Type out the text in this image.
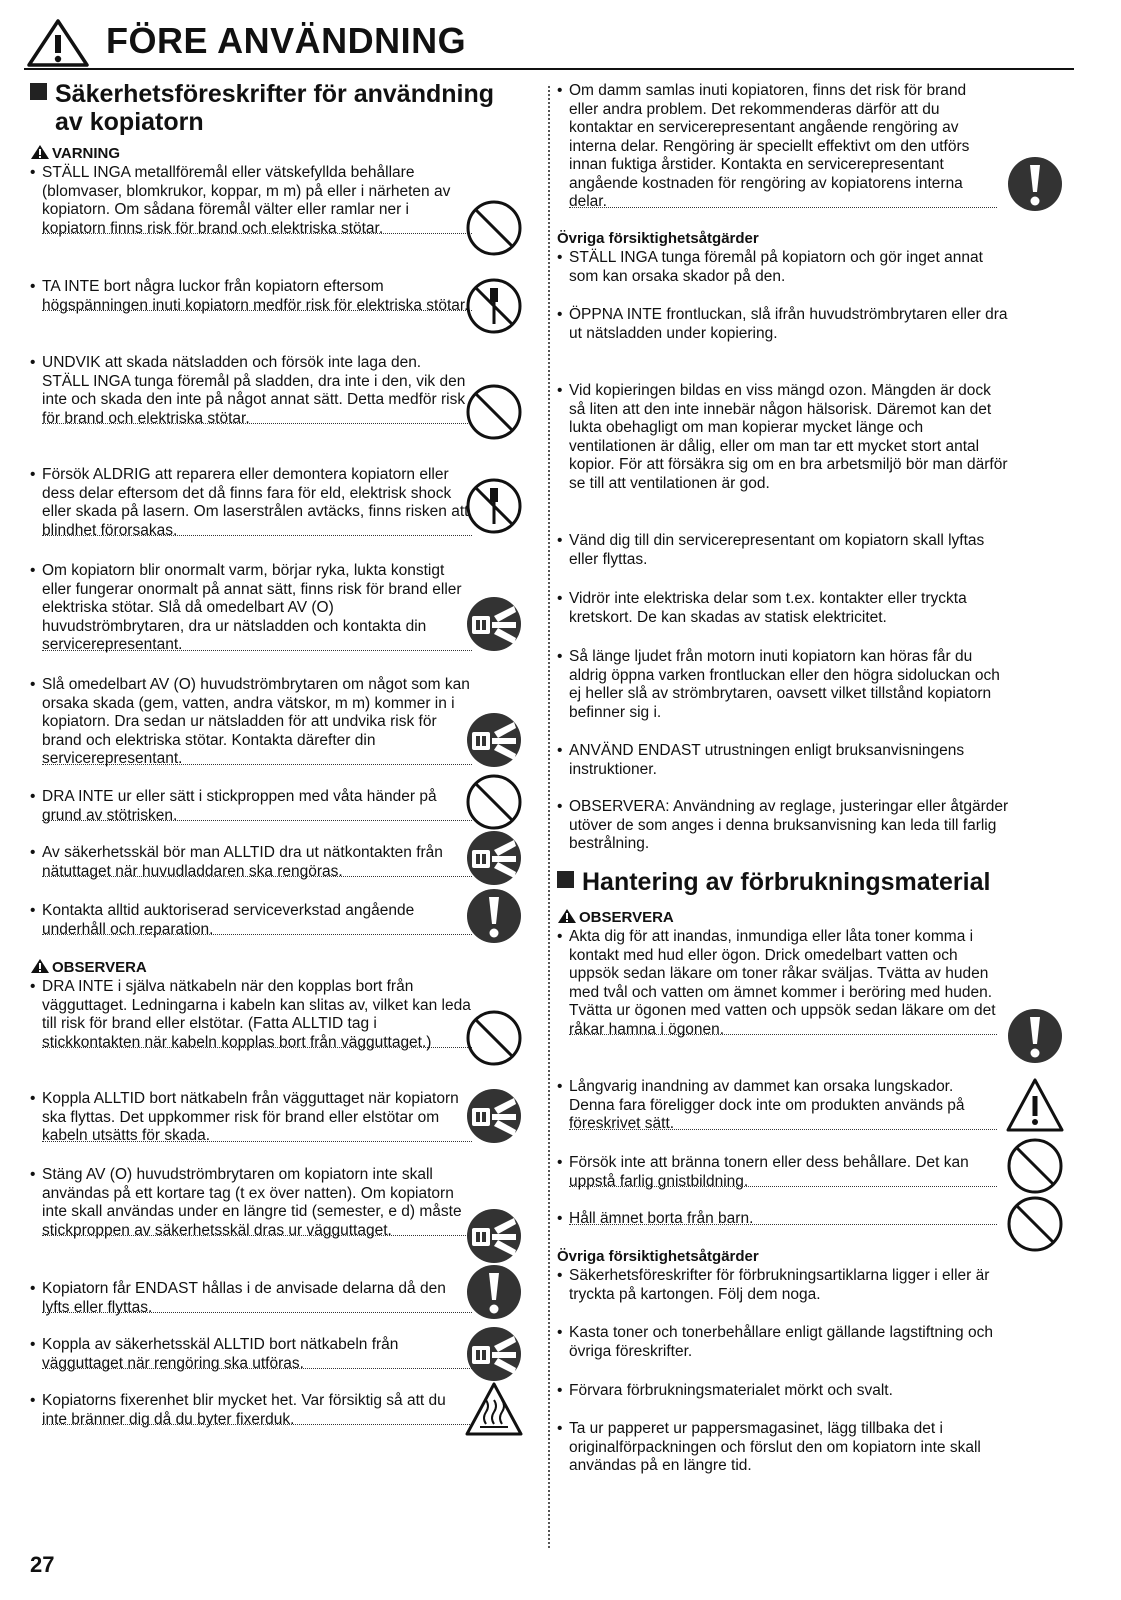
FÖRE ANVÄNDNING
Säkerhetsföreskrifter för användning
av kopiatorn
VARNING
• STÄLL INGA metallföremål eller vätskefyllda behållare (blomvaser, blomkrukor, koppar, m m) på eller i närheten av kopiatorn. Om sådana föremål välter eller ramlar ner i kopiatorn finns risk för brand och elektriska stötar.
• TA INTE bort några luckor från kopiatorn eftersom högspänningen inuti kopiatorn medför risk för elektriska stötar.
• UNDVIK att skada nätsladden och försök inte laga den. STÄLL INGA tunga föremål på sladden, dra inte i den, vik den inte och skada den inte på något annat sätt. Detta medför risk för brand och elektriska stötar.
• Försök ALDRIG att reparera eller demontera kopiatorn eller dess delar eftersom det då finns fara för eld, elektrisk shock eller skada på lasern. Om laserstrålen avtäcks, finns risken att blindhet förorsakas.
• Om kopiatorn blir onormalt varm, börjar ryka, lukta konstigt eller fungerar onormalt på annat sätt, finns risk för brand eller elektriska stötar. Slå då omedelbart AV (O) huvudströmbrytaren, dra ur nätsladden och kontakta din servicerepresentant.
• Slå omedelbart AV (O) huvudströmbrytaren om något som kan orsaka skada (gem, vatten, andra vätskor, m m) kommer in i kopiatorn. Dra sedan ur nätsladden för att undvika risk för brand och elektriska stötar. Kontakta därefter din servicerepresentant.
• DRA INTE ur eller sätt i stickproppen med våta händer på grund av stötrisken.
• Av säkerhetsskäl bör man ALLTID dra ut nätkontakten från nätuttaget när huvudladdaren ska rengöras.
• Kontakta alltid auktoriserad serviceverkstad angående underhåll och reparation.
OBSERVERA
• DRA INTE i själva nätkabeln när den kopplas bort från vägguttaget. Ledningarna i kabeln kan slitas av, vilket kan leda till risk för brand eller elstötar. (Fatta ALLTID tag i stickkontakten när kabeln kopplas bort från vägguttaget.)
• Koppla ALLTID bort nätkabeln från vägguttaget när kopiatorn ska flyttas. Det uppkommer risk för brand eller elstötar om kabeln utsätts för skada.
• Stäng AV (O) huvudströmbrytaren om kopiatorn inte skall användas på ett kortare tag (t ex över natten). Om kopiatorn inte skall användas under en längre tid (semester, e d) måste stickproppen av säkerhetsskäl dras ur vägguttaget.
• Kopiatorn får ENDAST hållas i de anvisade delarna då den lyfts eller flyttas.
• Koppla av säkerhetsskäl ALLTID bort nätkabeln från vägguttaget när rengöring ska utföras.
• Kopiatorns fixerenhet blir mycket het. Var försiktig så att du inte bränner dig då du byter fixerduk.
• Om damm samlas inuti kopiatoren, finns det risk för brand eller andra problem. Det rekommenderas därför att du kontaktar en servicerepresentant angående rengöring av interna delar. Rengöring är speciellt effektivt om den utförs innan fuktiga årstider. Kontakta en servicerepresentant angående kostnaden för rengöring av kopiatorens interna delar.
Övriga försiktighetsåtgärder
• STÄLL INGA tunga föremål på kopiatorn och gör inget annat som kan orsaka skador på den.
• ÖPPNA INTE frontluckan, slå ifrån huvudströmbrytaren eller dra ut nätsladden under kopiering.
• Vid kopieringen bildas en viss mängd ozon. Mängden är dock så liten att den inte innebär någon hälsorisk. Däremot kan det lukta obehagligt om man kopierar mycket länge och ventilationen är dålig, eller om man tar ett mycket stort antal kopior. För att försäkra sig om en bra arbetsmiljö bör man därför se till att ventilationen är god.
• Vänd dig till din servicerepresentant om kopiatorn skall lyftas eller flyttas.
• Vidrör inte elektriska delar som t.ex. kontakter eller tryckta kretskort. De kan skadas av statisk elektricitet.
• Så länge ljudet från motorn inuti kopiatorn kan höras får du aldrig öppna varken frontluckan eller den högra sidoluckan och ej heller slå av strömbrytaren, oavsett vilket tillstånd kopiatorn befinner sig i.
• ANVÄND ENDAST utrustningen enligt bruksanvisningens instruktioner.
• OBSERVERA: Användning av reglage, justeringar eller åtgärder utöver de som anges i denna bruksanvisning kan leda till farlig bestrålning.
Hantering av förbrukningsmaterial
OBSERVERA
• Akta dig för att inandas, inmundiga eller låta toner komma i kontakt med hud eller ögon. Drick omedelbart vatten och uppsök sedan läkare om toner råkar sväljas. Tvätta av huden med tvål och vatten om ämnet kommer i beröring med huden. Tvätta ur ögonen med vatten och uppsök sedan läkare om det råkar hamna i ögonen.
• Långvarig inandning av dammet kan orsaka lungskador. Denna fara föreligger dock inte om produkten används på föreskrivet sätt.
• Försök inte att bränna tonern eller dess behållare. Det kan uppstå farlig gnistbildning.
• Håll ämnet borta från barn.
Övriga försiktighetsåtgärder
• Säkerhetsföreskrifter för förbrukningsartiklarna ligger i eller är tryckta på kartongen. Följ dem noga.
• Kasta toner och tonerbehållare enligt gällande lagstiftning och övriga föreskrifter.
• Förvara förbrukningsmaterialet mörkt och svalt.
• Ta ur papperet ur pappersmagasinet, lägg tillbaka det i originalförpackningen och förslut den om kopiatorn inte skall användas på en längre tid.
27
